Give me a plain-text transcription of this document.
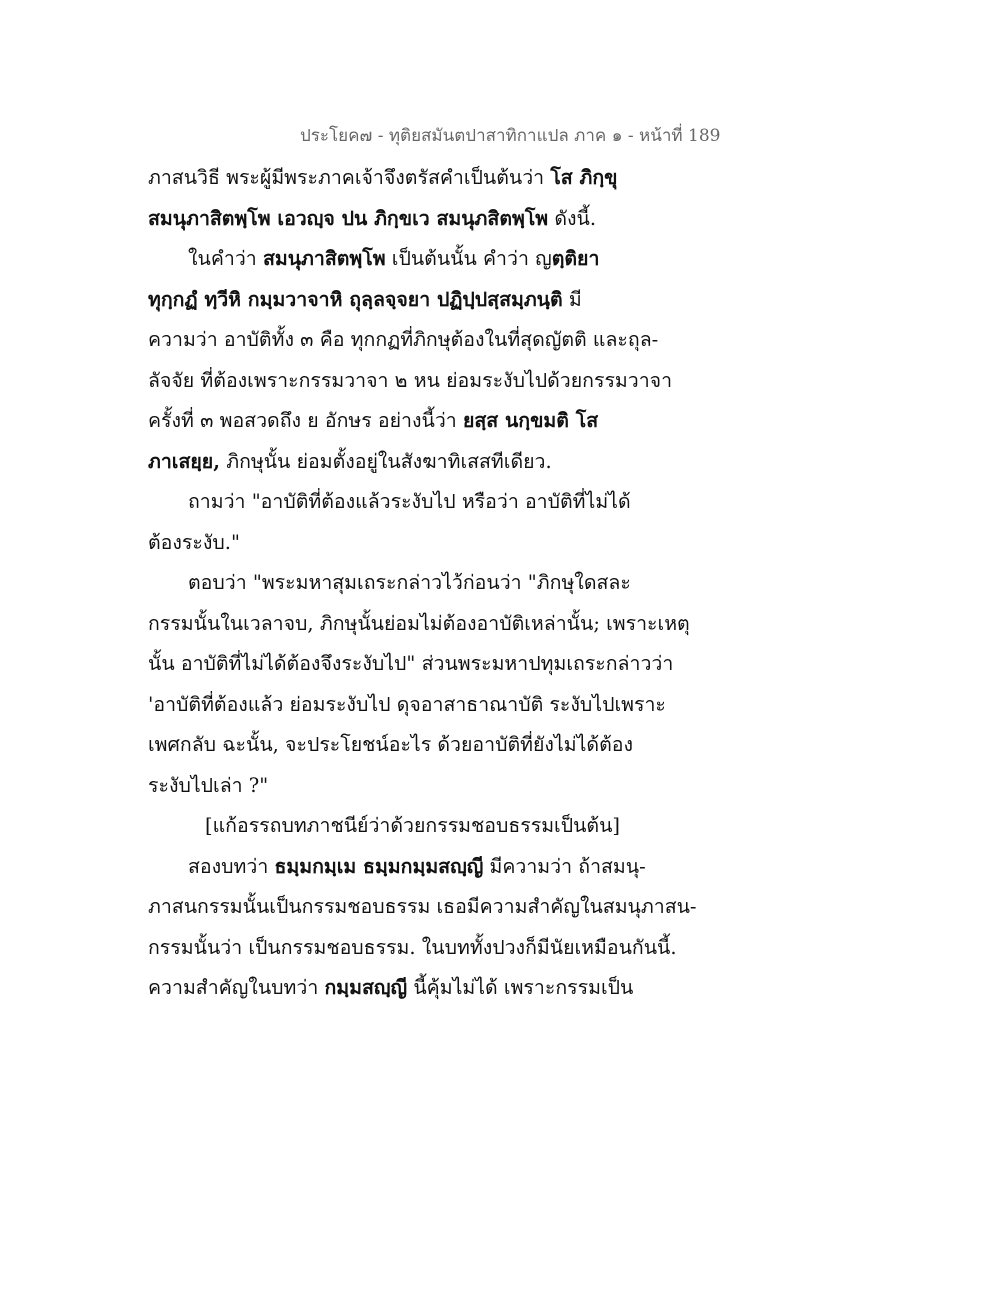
ประโยค๗ - ทุติยสมันตปาสาทิกาแปล ภาค ๑ - หน้าที่ 189
ภาสนวิธี พระผู้มีพระภาคเจ้าจึงตรัสคำเป็นต้นว่า โส ภิกฺขุ
สมนุภาสิตพฺโพ เอวญฺจ ปน ภิกฺขเว สมนุภสิตพฺโพ ดังนี้.
ในคำว่า สมนุภาสิตพฺโพ เป็นต้นนั้น คำว่า ญตฺติยา
ทุกฺกฏํ ทฺวีหิ กมฺมวาจาหิ ถุลฺลจฺจยา ปฏิปฺปสฺสมฺภนฺติ มี
ความว่า อาบัติทั้ง ๓ คือ ทุกกฏที่ภิกษุต้องในที่สุดญัตติ และถุล-
ลัจจัย ที่ต้องเพราะกรรมวาจา ๒ หน ย่อมระงับไปด้วยกรรมวาจา
ครั้งที่ ๓ พอสวดถึง ย อักษร อย่างนี้ว่า ยสฺส นกฺขมติ โส
ภาเสยฺย, ภิกษุนั้น ย่อมตั้งอยู่ในสังฆาทิเสสทีเดียว.
ถามว่า "อาบัติที่ต้องแล้วระงับไป หรือว่า อาบัติที่ไม่ได้
ต้องระงับ."
ตอบว่า "พระมหาสุมเถระกล่าวไว้ก่อนว่า "ภิกษุใดสละ
กรรมนั้นในเวลาจบ, ภิกษุนั้นย่อมไม่ต้องอาบัติเหล่านั้น; เพราะเหตุ
นั้น อาบัติที่ไม่ได้ต้องจึงระงับไป" ส่วนพระมหาปทุมเถระกล่าวว่า
'อาบัติที่ต้องแล้ว ย่อมระงับไป ดุจอาสาธาณาบัติ ระงับไปเพราะ
เพศกลับ ฉะนั้น, จะประโยชน์อะไร ด้วยอาบัติที่ยังไม่ได้ต้อง
ระงับไปเล่า ?"
[แก้อรรถบทภาชนีย์ว่าด้วยกรรมชอบธรรมเป็นต้น]
สองบทว่า ธมฺมกมฺเม ธมฺมกมฺมสญฺญี มีความว่า ถ้าสมนุ-
ภาสนกรรมนั้นเป็นกรรมชอบธรรม เธอมีความสำคัญในสมนุภาสน-
กรรมนั้นว่า เป็นกรรมชอบธรรม. ในบททั้งปวงก็มีนัยเหมือนกันนี้.
ความสำคัญในบทว่า กมฺมสญฺญี นี้คุ้มไม่ได้ เพราะกรรมเป็น
